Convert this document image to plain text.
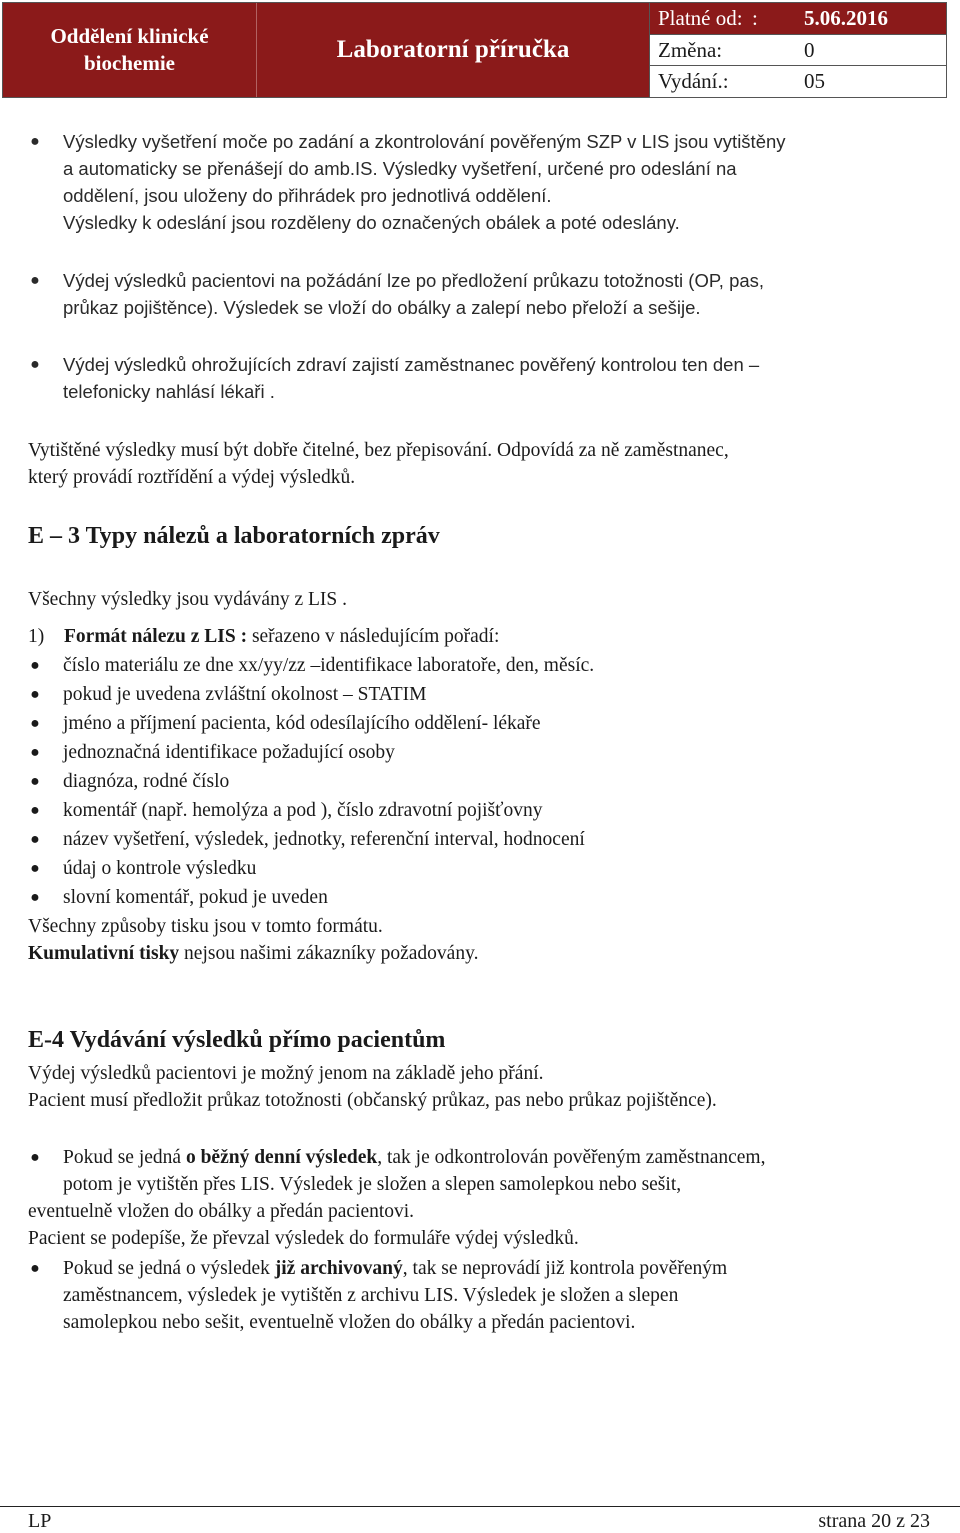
Oddělení klinické
biochemie	Laboratorní příručka
Platné od: :	5.06.2016
Změna:	0
Vydání.:	05
● Výsledky vyšetření moče po zadání a zkontrolování pověřeným SZP v LIS jsou vytištěny
a automaticky se přenášejí do amb.IS. Výsledky vyšetření, určené pro odeslání na
oddělení, jsou uloženy do přihrádek pro jednotlivá oddělení.
Výsledky k odeslání jsou rozděleny do označených obálek a poté odeslány.
● Výdej výsledků pacientovi na požádání lze po předložení průkazu totožnosti (OP, pas,
průkaz pojištěnce). Výsledek se vloží do obálky a zalepí nebo přeloží a sešije.
● Výdej výsledků ohrožujících zdraví zajistí zaměstnanec pověřený kontrolou ten den –
telefonicky nahlásí lékaři .
Vytištěné výsledky musí být dobře čitelné, bez přepisování. Odpovídá za ně zaměstnanec,
který provádí roztřídění a výdej výsledků.
E – 3 Typy nálezů a laboratorních zpráv
Všechny výsledky jsou vydávány z LIS .
1) Formát nálezu z LIS : seřazeno v následujícím pořadí:
● číslo materiálu ze dne xx/yy/zz –identifikace laboratoře, den, měsíc.
● pokud je uvedena zvláštní okolnost – STATIM
● jméno a příjmení pacienta, kód odesílajícího oddělení- lékaře
● jednoznačná identifikace požadující osoby
● diagnóza, rodné číslo
● komentář (např. hemolýza a pod ), číslo zdravotní pojišťovny
● název vyšetření, výsledek, jednotky, referenční interval, hodnocení
● údaj o kontrole výsledku
● slovní komentář, pokud je uveden
Všechny způsoby tisku jsou v tomto formátu.
Kumulativní tisky nejsou našimi zákazníky požadovány.
E-4 Vydávání výsledků přímo pacientům
Výdej výsledků pacientovi je možný jenom na základě jeho přání.
Pacient musí předložit průkaz totožnosti (občanský průkaz, pas nebo průkaz pojištěnce).
● Pokud se jedná o běžný denní výsledek, tak je odkontrolován pověřeným zaměstnancem,
potom je vytištěn přes LIS. Výsledek je složen a slepen samolepkou nebo sešit,
eventuelně vložen do obálky a předán pacientovi.
Pacient se podepíše, že převzal výsledek do formuláře výdej výsledků.
● Pokud se jedná o výsledek již archivovaný, tak se neprovádí již kontrola pověřeným
zaměstnancem, výsledek je vytištěn z archivu LIS. Výsledek je složen a slepen
samolepkou nebo sešit, eventuelně vložen do obálky a předán pacientovi.
LP	strana 20 z 23
